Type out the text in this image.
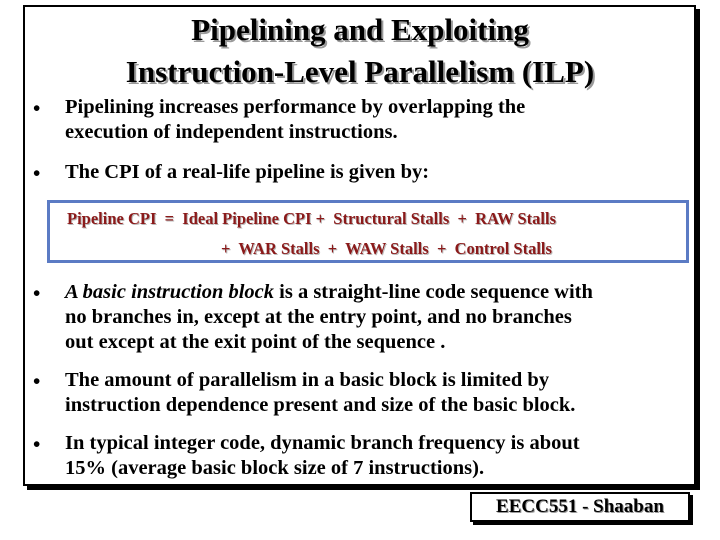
Pipelining and Exploiting
Instruction-Level Parallelism (ILP)
• Pipelining increases performance by overlapping the
execution of independent instructions.
• The CPI of a real-life pipeline is given by:
Pipeline CPI  =  Ideal Pipeline CPI +  Structural Stalls  +  RAW Stalls
+  WAR Stalls  +  WAW Stalls  +  Control Stalls
• A basic instruction block is a straight-line code sequence with
no branches in, except at the entry point, and no branches
out except at the exit point of the sequence .
• The amount of parallelism in a basic block is limited by
instruction dependence present and size of the basic block.
• In typical integer code, dynamic branch frequency is about
15% (average basic block size of 7 instructions).
EECC551 - Shaaban
